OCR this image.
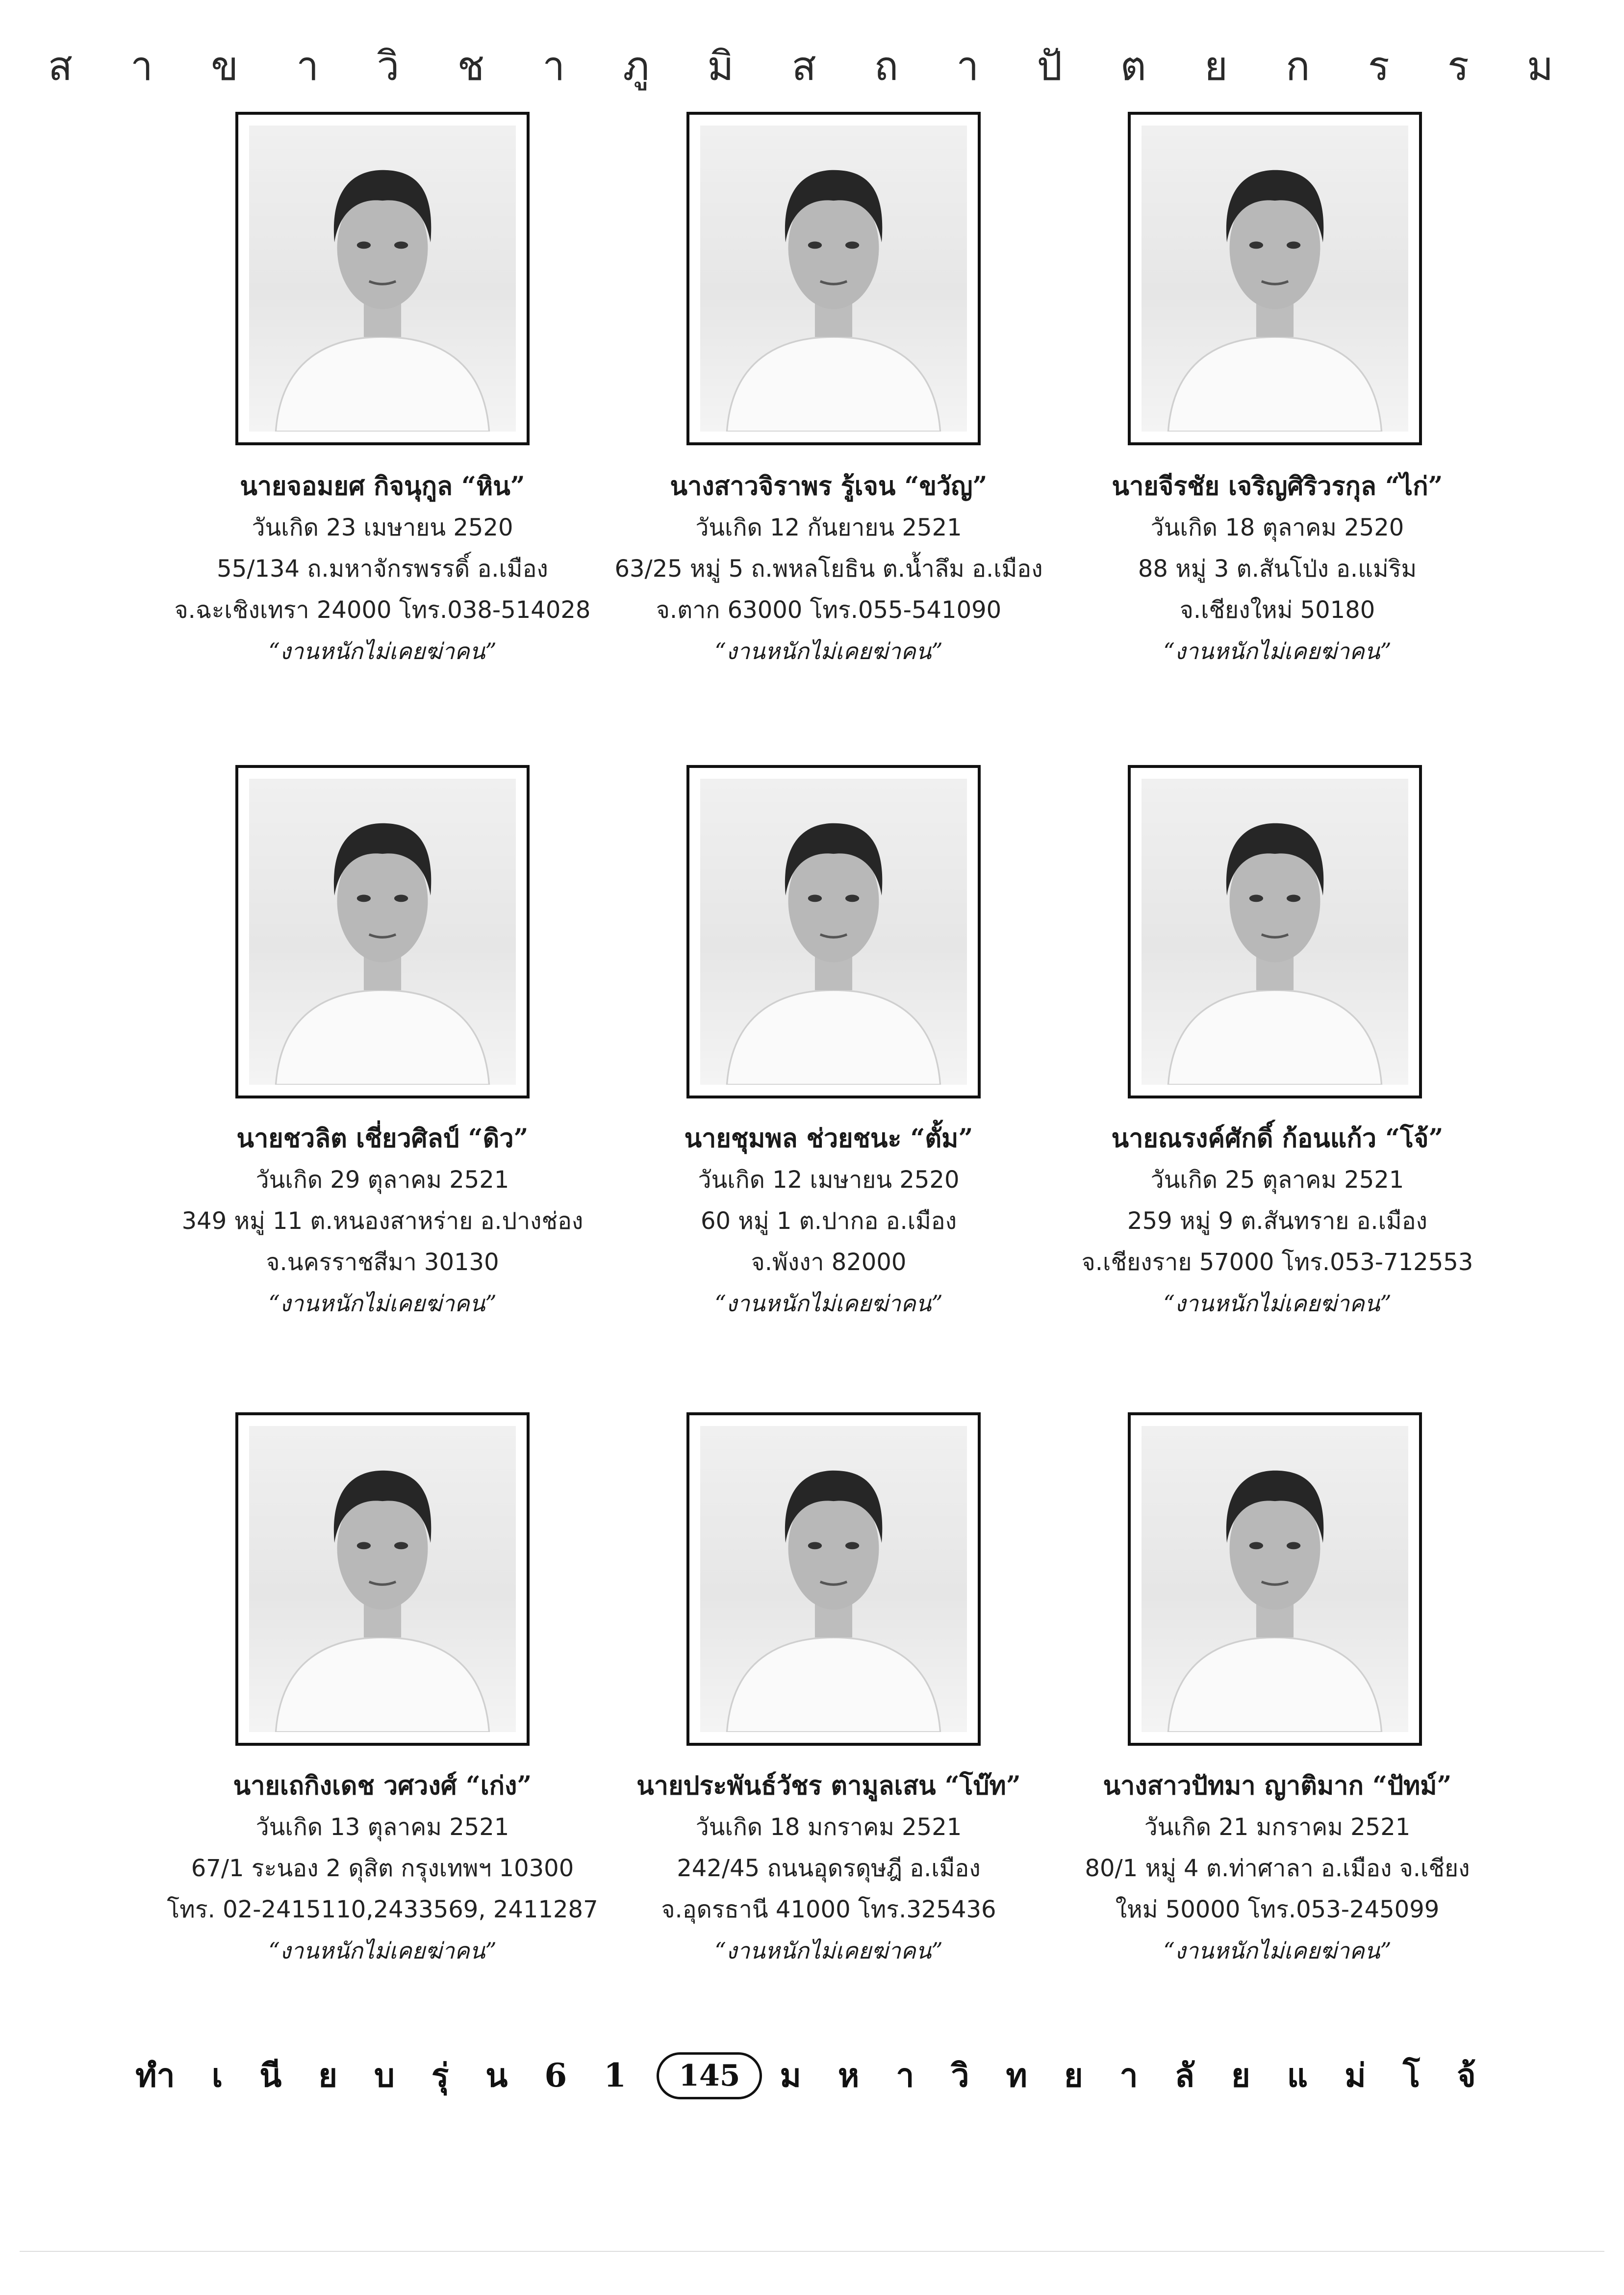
ส า ข า วิ ช า ภู มิ ส ถ า ปั ต ย ก ร ร ม
นายจอมยศ กิจนุกูล “หิน”
วันเกิด 23 เมษายน 2520
55/134 ถ.มหาจักรพรรดิ์ อ.เมือง
จ.ฉะเชิงเทรา 24000 โทร.038-514028
“งานหนักไม่เคยฆ่าคน”
นางสาวจิราพร รู้เจน “ขวัญ”
วันเกิด 12 กันยายน 2521
63/25 หมู่ 5 ถ.พหลโยธิน ต.น้ำลึม อ.เมือง
จ.ตาก 63000 โทร.055-541090
“งานหนักไม่เคยฆ่าคน”
นายจีรชัย เจริญศิริวรกุล “ไก่”
วันเกิด 18 ตุลาคม 2520
88 หมู่ 3 ต.สันโป่ง อ.แม่ริม
จ.เชียงใหม่ 50180
“งานหนักไม่เคยฆ่าคน”
นายชวลิต เชี่ยวศิลป์ “ดิว”
วันเกิด 29 ตุลาคม 2521
349 หมู่ 11 ต.หนองสาหร่าย อ.ปางช่อง
จ.นครราชสีมา 30130
“งานหนักไม่เคยฆ่าคน”
นายชุมพล ช่วยชนะ “ตั้ม”
วันเกิด 12 เมษายน 2520
60 หมู่ 1 ต.ปากอ อ.เมือง
จ.พังงา 82000
“งานหนักไม่เคยฆ่าคน”
นายณรงค์ศักดิ์ ก้อนแก้ว “โจ้”
วันเกิด 25 ตุลาคม 2521
259 หมู่ 9 ต.สันทราย อ.เมือง
จ.เชียงราย 57000 โทร.053-712553
“งานหนักไม่เคยฆ่าคน”
นายเถกิงเดช วศวงศ์ “เก่ง”
วันเกิด 13 ตุลาคม 2521
67/1 ระนอง 2 ดุสิต กรุงเทพฯ 10300
โทร. 02-2415110,2433569, 2411287
“งานหนักไม่เคยฆ่าคน”
นายประพันธ์วัชร ตามูลเสน “โบ๊ท”
วันเกิด 18 มกราคม 2521
242/45 ถนนอุดรดุษฎี อ.เมือง
จ.อุดรธานี 41000 โทร.325436
“งานหนักไม่เคยฆ่าคน”
นางสาวปัทมา ญาติมาก “ปัทม์”
วันเกิด 21 มกราคม 2521
80/1 หมู่ 4 ต.ท่าศาลา อ.เมือง จ.เชียง
ใหม่ 50000 โทร.053-245099
“งานหนักไม่เคยฆ่าคน”
ทำ เ นี ย บ รุ่ น 6 1 145 ม ห า วิ ท ย า ลั ย แ ม่ โ จ้
